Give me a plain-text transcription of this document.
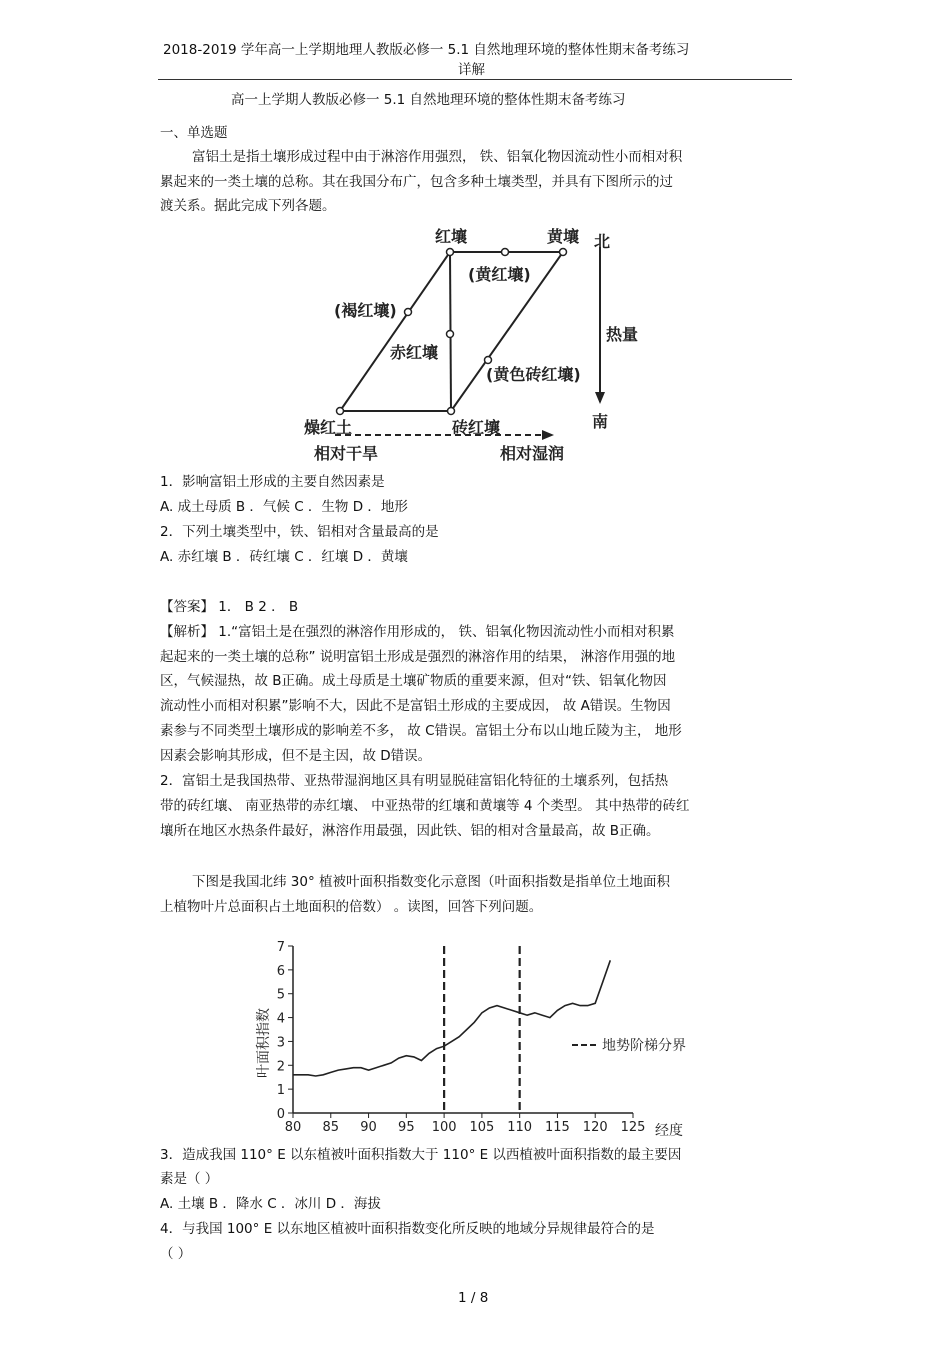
2018-2019 学年高一上学期地理人教版必修一 5.1 自然地理环境的整体性期末备考练习
详解
高一上学期人教版必修一 5.1 自然地理环境的整体性期末备考练习
一、单选题
富铝土是指土壤形成过程中由于淋溶作用强烈， 铁、铝氧化物因流动性小而相对积
累起来的一类土壤的总称。其在我国分布广，包含多种土壤类型，并具有下图所示的过
渡关系。据此完成下列各题。
红壤	黄壤
(黄红壤)
(褐红壤)
赤红壤
(黄色砖红壤)
燥红土	砖红壤
相对干旱	相对湿润
北
热量
南
1．影响富铝土形成的主要自然因素是
A. 成土母质 B ．气候 C ．生物 D ．地形
2．下列土壤类型中，铁、铝相对含量最高的是
A. 赤红壤 B ．砖红壤 C ．红壤 D ．黄壤
【答案】 1． B 2 ． B
【解析】 1.“富铝土是在强烈的淋溶作用形成的， 铁、铝氧化物因流动性小而相对积累
起起来的一类土壤的总称” 说明富铝土形成是强烈的淋溶作用的结果， 淋溶作用强的地
区，气候湿热，故 B正确。成土母质是土壤矿物质的重要来源，但对“铁、铝氧化物因
流动性小而相对积累”影响不大，因此不是富铝土形成的主要成因， 故 A错误。生物因
素参与不同类型土壤形成的影响差不多， 故 C错误。富铝土分布以山地丘陵为主， 地形
因素会影响其形成，但不是主因，故 D错误。
2．富铝土是我国热带、亚热带湿润地区具有明显脱硅富铝化特征的土壤系列，包括热
带的砖红壤、 南亚热带的赤红壤、 中亚热带的红壤和黄壤等 4 个类型。 其中热带的砖红
壤所在地区水热条件最好，淋溶作用最强，因此铁、铝的相对含量最高，故 B正确。
下图是我国北纬 30° 植被叶面积指数变化示意图（叶面积指数是指单位土地面积
上植物叶片总面积占土地面积的倍数） 。读图，回答下列问题。
0
1
2
3
4
5
6
7
80 85 90 95 100 105 110 115 120 125
叶面积指数
经度
地势阶梯分界
3．造成我国 110° E 以东植被叶面积指数大于 110° E 以西植被叶面积指数的最主要因
素是（ ）
A. 土壤 B ．降水 C ．冰川 D ．海拔
4．与我国 100° E 以东地区植被叶面积指数变化所反映的地域分异规律最符合的是
（ ）
1 / 8
